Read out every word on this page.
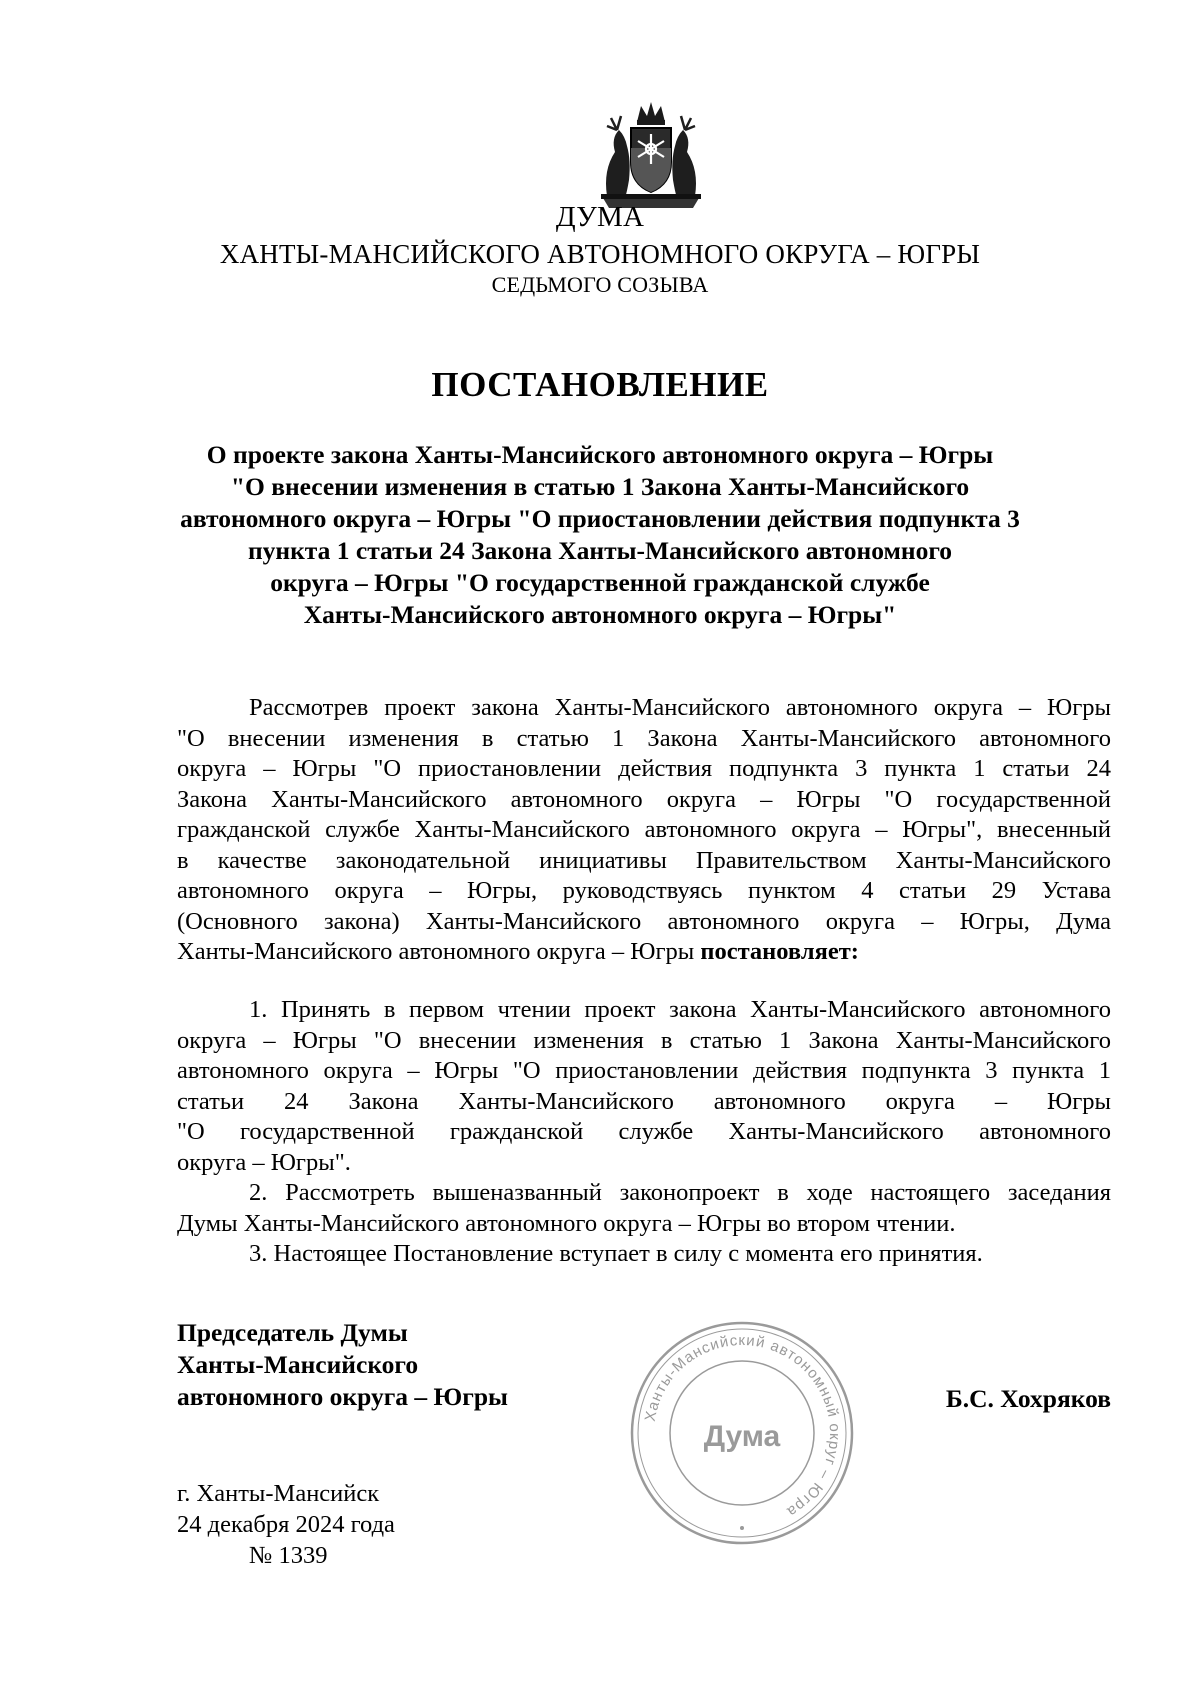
ДУМА

ХАНТЫ-МАНСИЙСКОГО АВТОНОМНОГО ОКРУГА – ЮГРЫ

СЕДЬМОГО СОЗЫВА

ПОСТАНОВЛЕНИЕ
О проекте закона Ханты-Мансийского автономного округа – Югры
"О внесении изменения в статью 1 Закона Ханты-Мансийского
автономного округа – Югры "О приостановлении действия подпункта 3
пункта 1 статьи 24 Закона Ханты-Мансийского автономного
округа – Югры "О государственной гражданской службе
Ханты-Мансийского автономного округа – Югры"
Рассмотрев проект закона Ханты-Мансийского автономного округа – Югры
"О внесении изменения в статью 1 Закона Ханты-Мансийского автономного
округа – Югры "О приостановлении действия подпункта 3 пункта 1 статьи 24
Закона Ханты-Мансийского автономного округа – Югры "О государственной
гражданской службе Ханты-Мансийского автономного округа – Югры", внесенный
в качестве законодательной инициативы Правительством Ханты-Мансийского
автономного округа – Югры, руководствуясь пунктом 4 статьи 29 Устава
(Основного закона) Ханты-Мансийского автономного округа – Югры, Дума
Ханты-Мансийского автономного округа – Югры постановляет:
1. Принять в первом чтении проект закона Ханты-Мансийского автономного
округа – Югры "О внесении изменения в статью 1 Закона Ханты-Мансийского
автономного округа – Югры "О приостановлении действия подпункта 3 пункта 1
статьи 24 Закона Ханты-Мансийского автономного округа – Югры
"О государственной гражданской службе Ханты-Мансийского автономного
округа – Югры".
2. Рассмотреть вышеназванный законопроект в ходе настоящего заседания
Думы Ханты-Мансийского автономного округа – Югры во втором чтении.
3. Настоящее Постановление вступает в силу с момента его принятия.
Председатель Думы
Ханты-Мансийского
автономного округа – Югры
Ханты-Мансийский автономный округ – Югра
Дума

Б.С. Хохряков

г. Ханты-Мансийск
24 декабря 2024 года
№ 1339
